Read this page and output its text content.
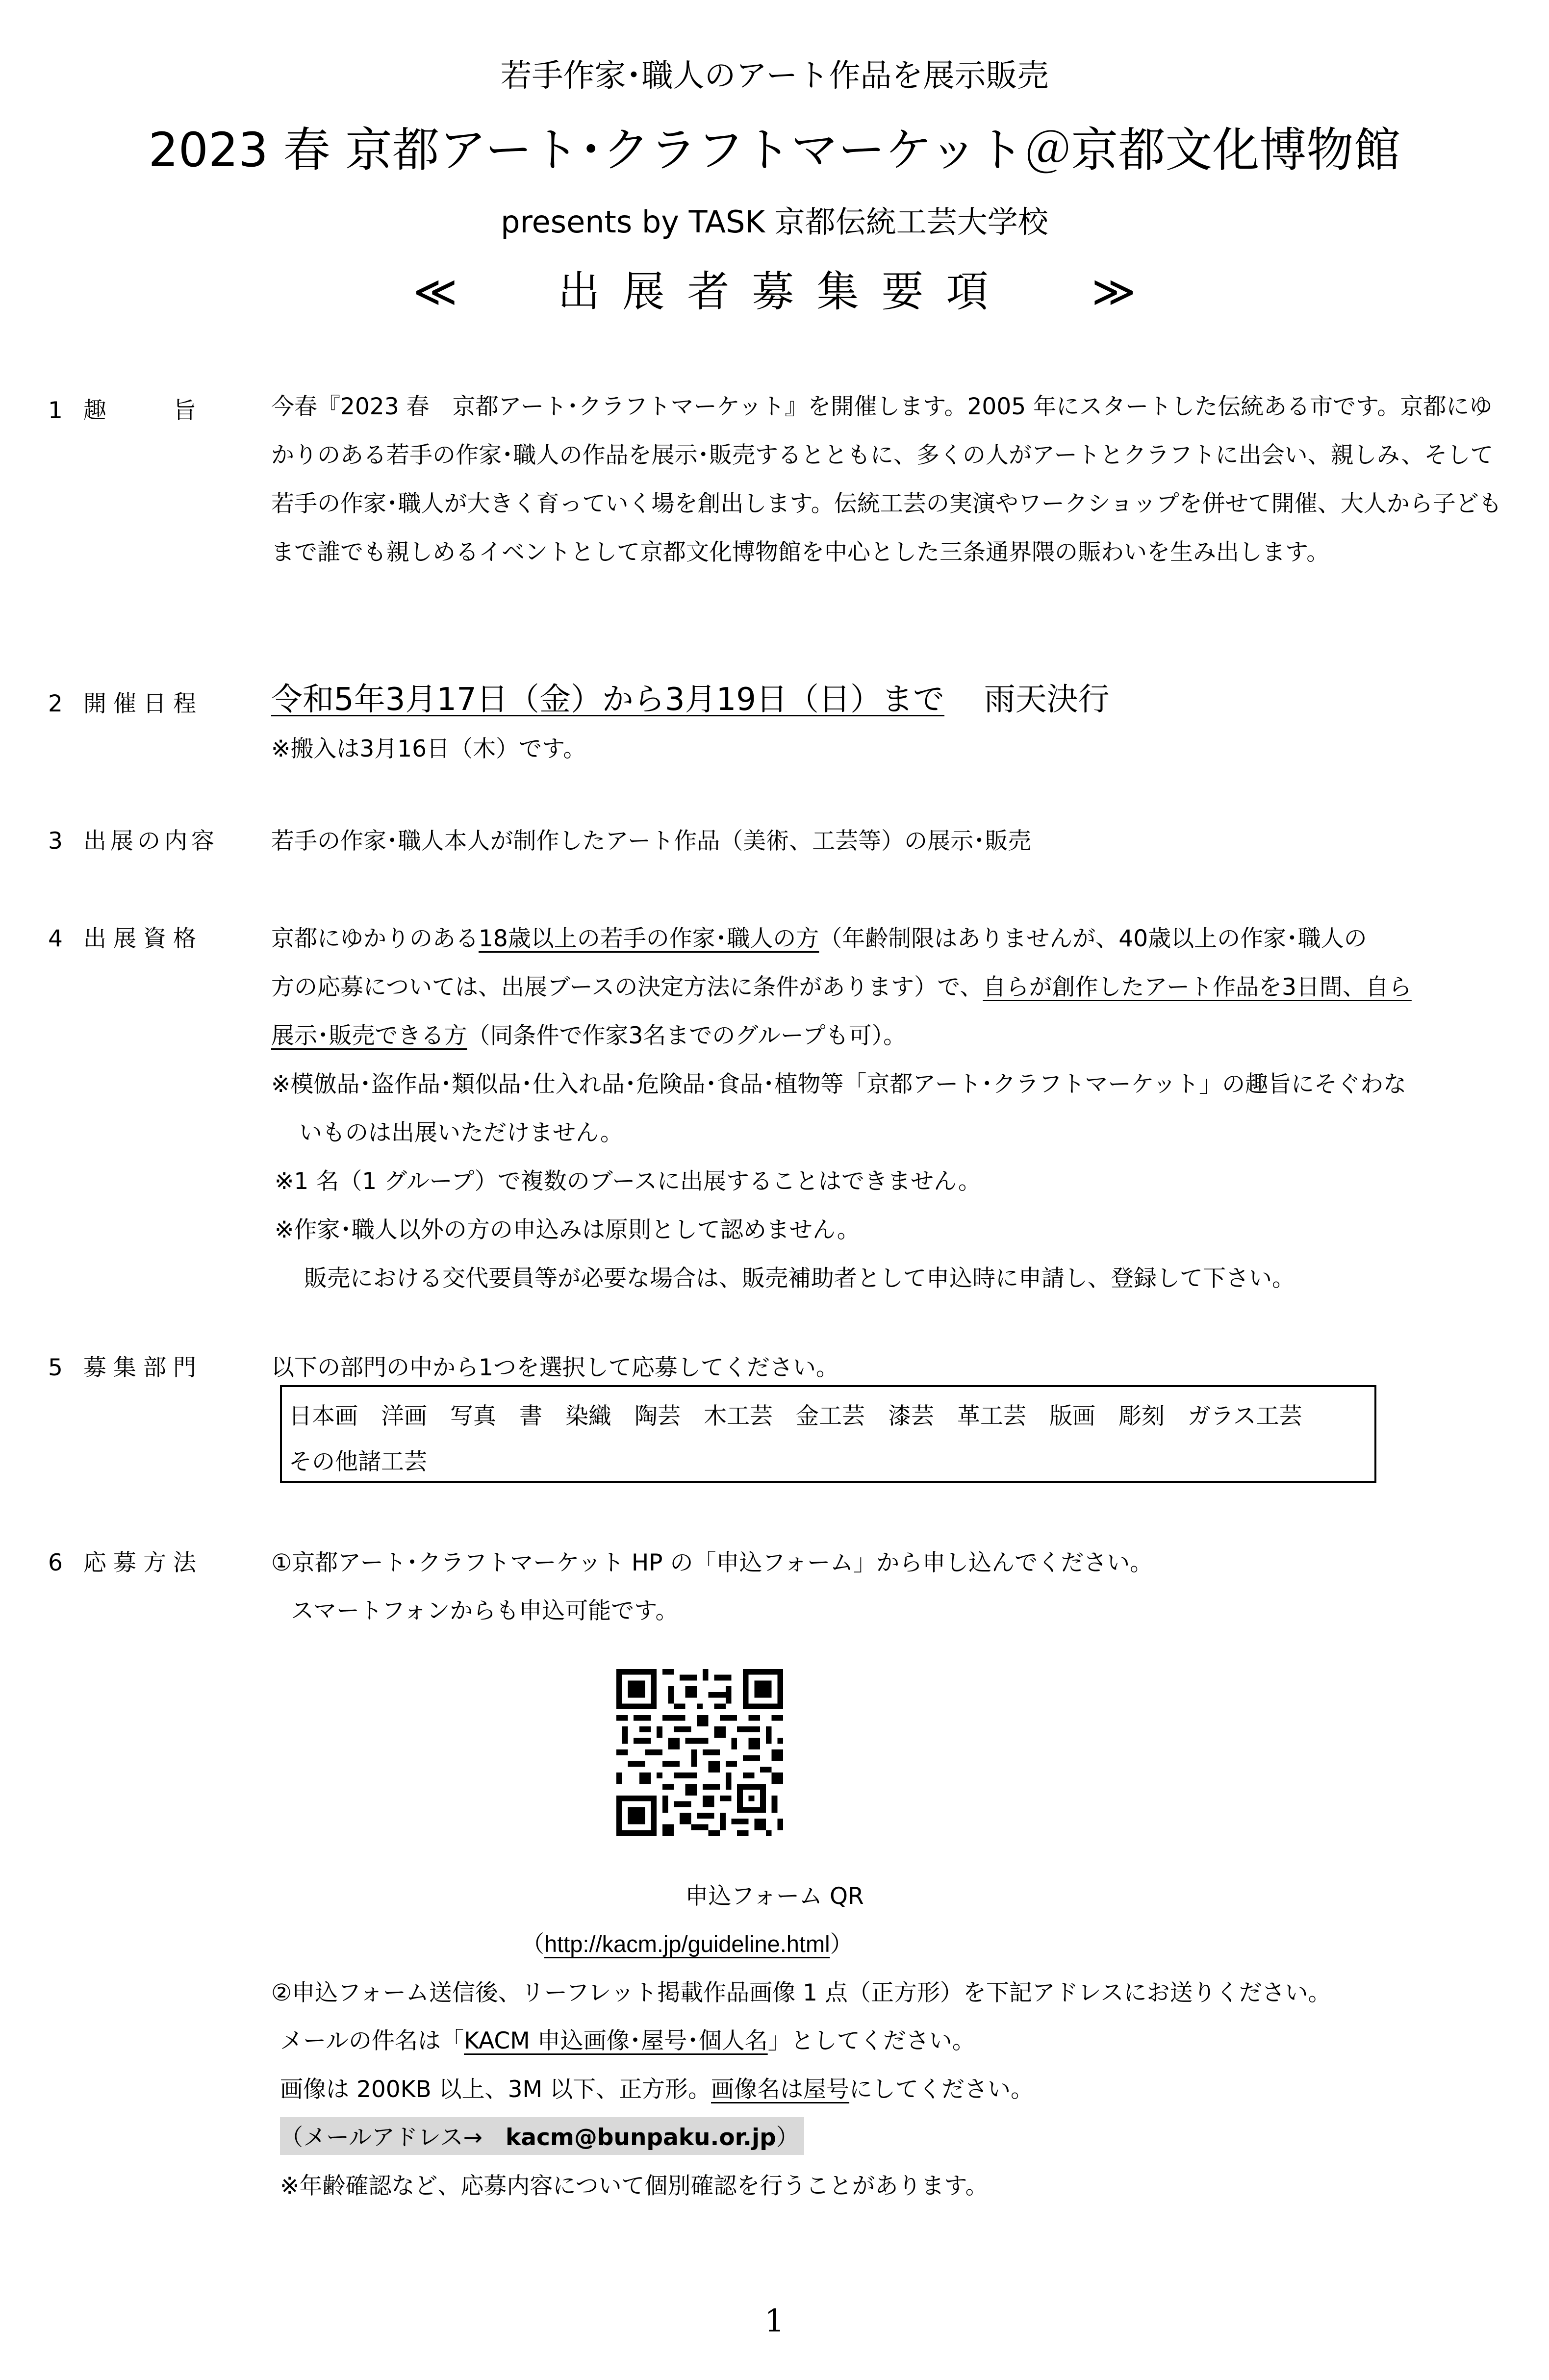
若手作家･職人のアート作品を展示販売
2023 春 京都アート･クラフトマーケット＠京都文化博物館
presents by TASK 京都伝統工芸大学校
≪ 出展者募集要項 ≫
1 趣　　旨	今春『2023 春　京都アート･クラフトマーケット』を開催します。2005 年にスタートした伝統ある市です。京都にゆかりのある若手の作家･職人の作品を展示･販売するとともに、多くの人がアートとクラフトに出会い、親しみ、そして若手の作家･職人が大きく育っていく場を創出します。伝統工芸の実演やワークショップを併せて開催、大人から子どもまで誰でも親しめるイベントとして京都文化博物館を中心とした三条通界隈の賑わいを生み出します。
2 開催日程	令和5年3月17日（金）から3月19日（日）まで 雨天決行
※搬入は3月16日（木）です。
3 出展の内容	若手の作家･職人本人が制作したアート作品（美術、工芸等）の展示･販売
4 出展資格	京都にゆかりのある18歳以上の若手の作家･職人の方（年齢制限はありませんが、40歳以上の作家･職人の
方の応募については、出展ブースの決定方法に条件があります）で、自らが創作したアート作品を3日間、自ら
展示･販売できる方（同条件で作家3名までのグループも可）。
※模倣品･盗作品･類似品･仕入れ品･危険品･食品･植物等「京都アート･クラフトマーケット」の趣旨にそぐわな
いものは出展いただけません。
※1 名（1 グループ）で複数のブースに出展することはできません。
※作家･職人以外の方の申込みは原則として認めません。
販売における交代要員等が必要な場合は、販売補助者として申込時に申請し、登録して下さい。
5 募集部門	以下の部門の中から1つを選択して応募してください。
日本画　洋画　写真　書　染織　陶芸　木工芸　金工芸　漆芸　革工芸　版画　彫刻　ガラス工芸
その他諸工芸
6 応募方法	①京都アート･クラフトマーケット HP の「申込フォーム」から申し込んでください。
スマートフォンからも申込可能です。
申込フォーム QR
（http://kacm.jp/guideline.html）
②申込フォーム送信後、リーフレット掲載作品画像 1 点（正方形）を下記アドレスにお送りください。
メールの件名は「KACM 申込画像･屋号･個人名」としてください。
画像は 200KB 以上、3M 以下、正方形。画像名は屋号にしてください。
（メールアドレス→　kacm@bunpaku.or.jp）
※年齢確認など、応募内容について個別確認を行うことがあります。
1
